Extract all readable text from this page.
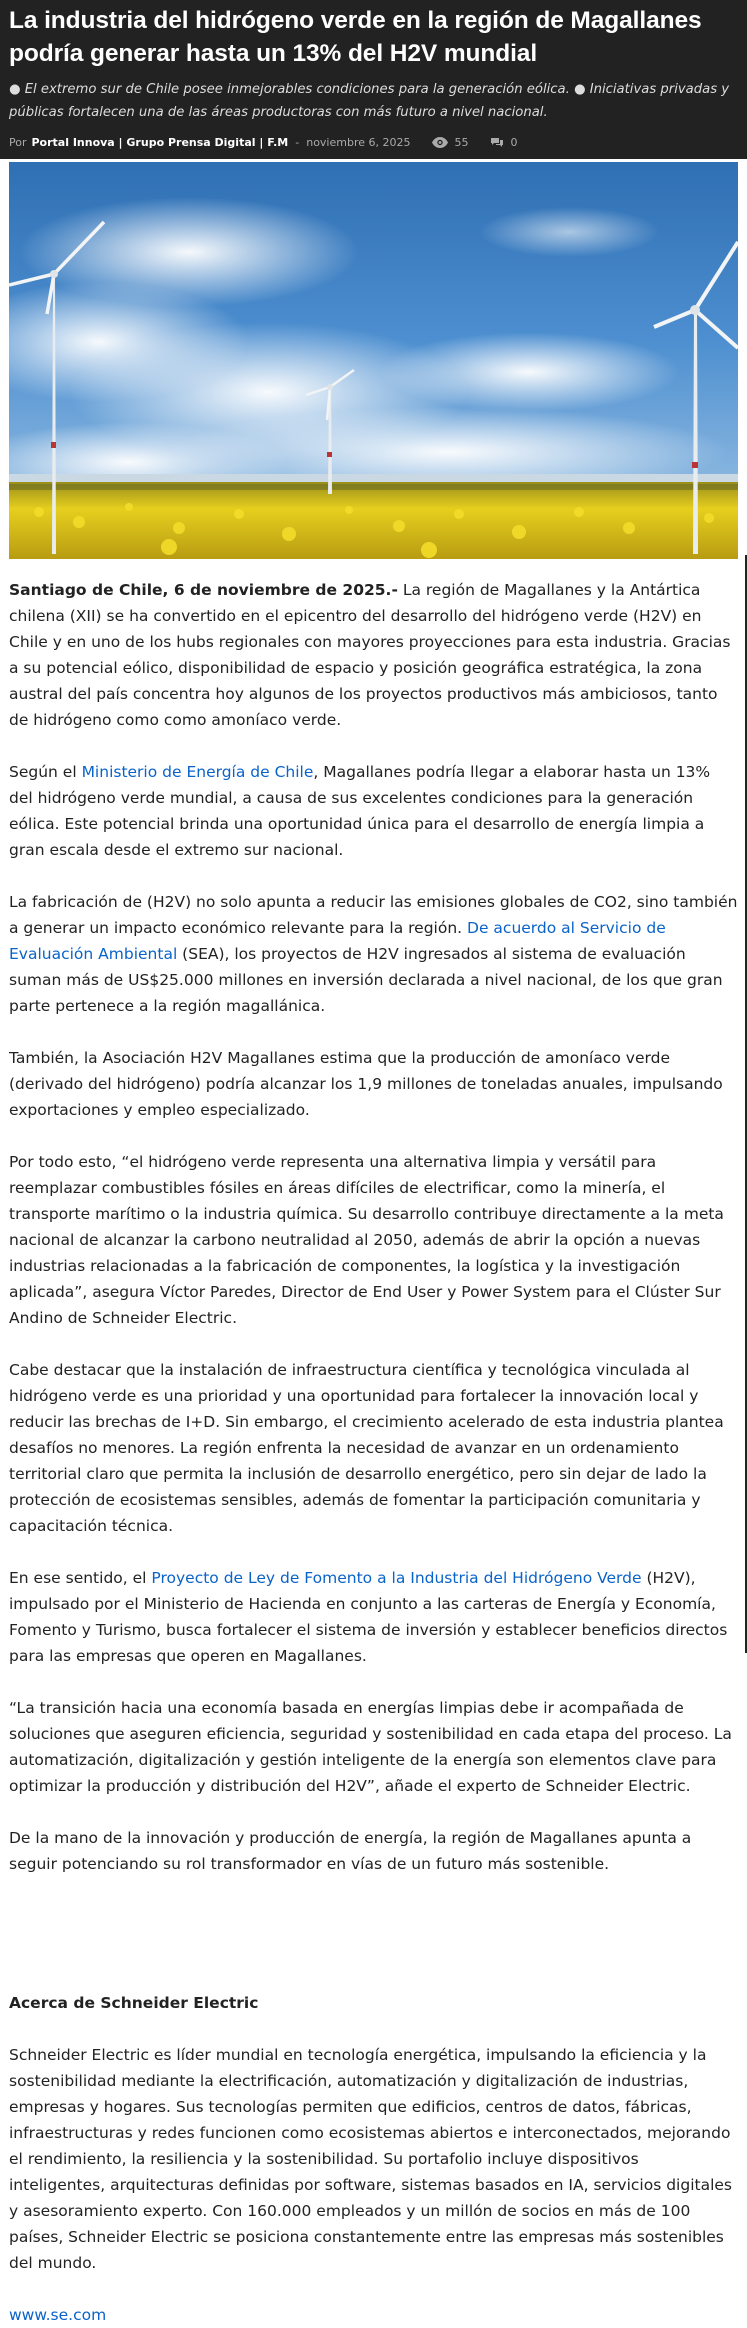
La industria del hidrógeno verde en la región de Magallanes podría generar hasta un 13% del H2V mundial

● El extremo sur de Chile posee inmejorables condiciones para la generación eólica. ● Iniciativas privadas y públicas fortalecen una de las áreas productoras con más futuro a nivel nacional.

Por Portal Innova | Grupo Prensa Digital | F.M - noviembre 6, 2025	55	0

Santiago de Chile, 6 de noviembre de 2025.- La región de Magallanes y la Antártica chilena (XII) se ha convertido en el epicentro del desarrollo del hidrógeno verde (H2V) en Chile y en uno de los hubs regionales con mayores proyecciones para esta industria. Gracias a su potencial eólico, disponibilidad de espacio y posición geográfica estratégica, la zona austral del país concentra hoy algunos de los proyectos productivos más ambiciosos, tanto de hidrógeno como como amoníaco verde.

Según el Ministerio de Energía de Chile, Magallanes podría llegar a elaborar hasta un 13% del hidrógeno verde mundial, a causa de sus excelentes condiciones para la generación eólica. Este potencial brinda una oportunidad única para el desarrollo de energía limpia a gran escala desde el extremo sur nacional.

La fabricación de (H2V) no solo apunta a reducir las emisiones globales de CO2, sino también a generar un impacto económico relevante para la región. De acuerdo al Servicio de Evaluación Ambiental (SEA), los proyectos de H2V ingresados al sistema de evaluación suman más de US$25.000 millones en inversión declarada a nivel nacional, de los que gran parte pertenece a la región magallánica.

También, la Asociación H2V Magallanes estima que la producción de amoníaco verde (derivado del hidrógeno) podría alcanzar los 1,9 millones de toneladas anuales, impulsando exportaciones y empleo especializado.

Por todo esto, “el hidrógeno verde representa una alternativa limpia y versátil para reemplazar combustibles fósiles en áreas difíciles de electrificar, como la minería, el transporte marítimo o la industria química. Su desarrollo contribuye directamente a la meta nacional de alcanzar la carbono neutralidad al 2050, además de abrir la opción a nuevas industrias relacionadas a la fabricación de componentes, la logística y la investigación aplicada”, asegura Víctor Paredes, Director de End User y Power System para el Clúster Sur Andino de Schneider Electric.

Cabe destacar que la instalación de infraestructura científica y tecnológica vinculada al hidrógeno verde es una prioridad y una oportunidad para fortalecer la innovación local y reducir las brechas de I+D. Sin embargo, el crecimiento acelerado de esta industria plantea desafíos no menores. La región enfrenta la necesidad de avanzar en un ordenamiento territorial claro que permita la inclusión de desarrollo energético, pero sin dejar de lado la protección de ecosistemas sensibles, además de fomentar la participación comunitaria y capacitación técnica.

En ese sentido, el Proyecto de Ley de Fomento a la Industria del Hidrógeno Verde (H2V), impulsado por el Ministerio de Hacienda en conjunto a las carteras de Energía y Economía, Fomento y Turismo, busca fortalecer el sistema de inversión y establecer beneficios directos para las empresas que operen en Magallanes.

“La transición hacia una economía basada en energías limpias debe ir acompañada de soluciones que aseguren eficiencia, seguridad y sostenibilidad en cada etapa del proceso. La automatización, digitalización y gestión inteligente de la energía son elementos clave para optimizar la producción y distribución del H2V”, añade el experto de Schneider Electric.

De la mano de la innovación y producción de energía, la región de Magallanes apunta a seguir potenciando su rol transformador en vías de un futuro más sostenible.

Acerca de Schneider Electric

Schneider Electric es líder mundial en tecnología energética, impulsando la eficiencia y la sostenibilidad mediante la electrificación, automatización y digitalización de industrias, empresas y hogares. Sus tecnologías permiten que edificios, centros de datos, fábricas, infraestructuras y redes funcionen como ecosistemas abiertos e interconectados, mejorando el rendimiento, la resiliencia y la sostenibilidad. Su portafolio incluye dispositivos inteligentes, arquitecturas definidas por software, sistemas basados en IA, servicios digitales y asesoramiento experto. Con 160.000 empleados y un millón de socios en más de 100 países, Schneider Electric se posiciona constantemente entre las empresas más sostenibles del mundo.

www.se.com
